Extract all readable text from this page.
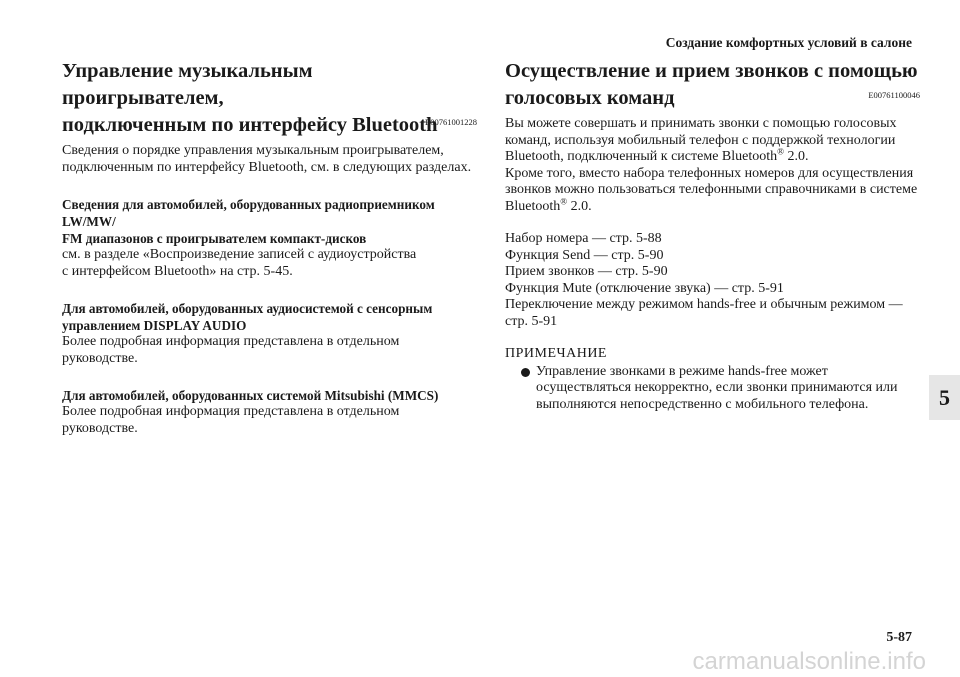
Создание комфортных условий в салоне
Управление музыкальным проигрывателем,
подключенным по интерфейсу Bluetooth
E00761001228

Сведения о порядке управления музыкальным проигрывателем,
подключенным по интерфейсу Bluetooth, см. в следующих разделах.

Сведения для автомобилей, оборудованных радиоприемником LW/MW/
FM диапазонов с проигрывателем компакт-дисков

см. в разделе «Воспроизведение записей с аудиоустройства
с интерфейсом Bluetooth» на стр. 5-45.

Для автомобилей, оборудованных аудиосистемой с сенсорным
управлением DISPLAY AUDIO

Более подробная информация представлена в отдельном руководстве.

Для автомобилей, оборудованных системой Mitsubishi (MMCS)

Более подробная информация представлена в отдельном руководстве.

Осуществление и прием звонков с помощью
голосовых команд	E00761100046

Вы можете совершать и принимать звонки с помощью голосовых
команд, используя мобильный телефон с поддержкой технологии
Bluetooth, подключенный к системе Bluetooth® 2.0.

Кроме того, вместо набора телефонных номеров для осуществления
звонков можно пользоваться телефонными справочниками в системе
Bluetooth® 2.0.

Набор номера — стр. 5-88
Функция Send — стр. 5-90
Прием звонков — стр. 5-90
Функция Mute (отключение звука) — стр. 5-91
Переключение между режимом hands-free и обычным режимом —
стр. 5-91

ПРИМЕЧАНИЕ

Управление звонками в режиме hands-free может
осуществляться некорректно, если звонки принимаются или
выполняются непосредственно с мобильного телефона.	5
5-87
carmanualsonline.info
